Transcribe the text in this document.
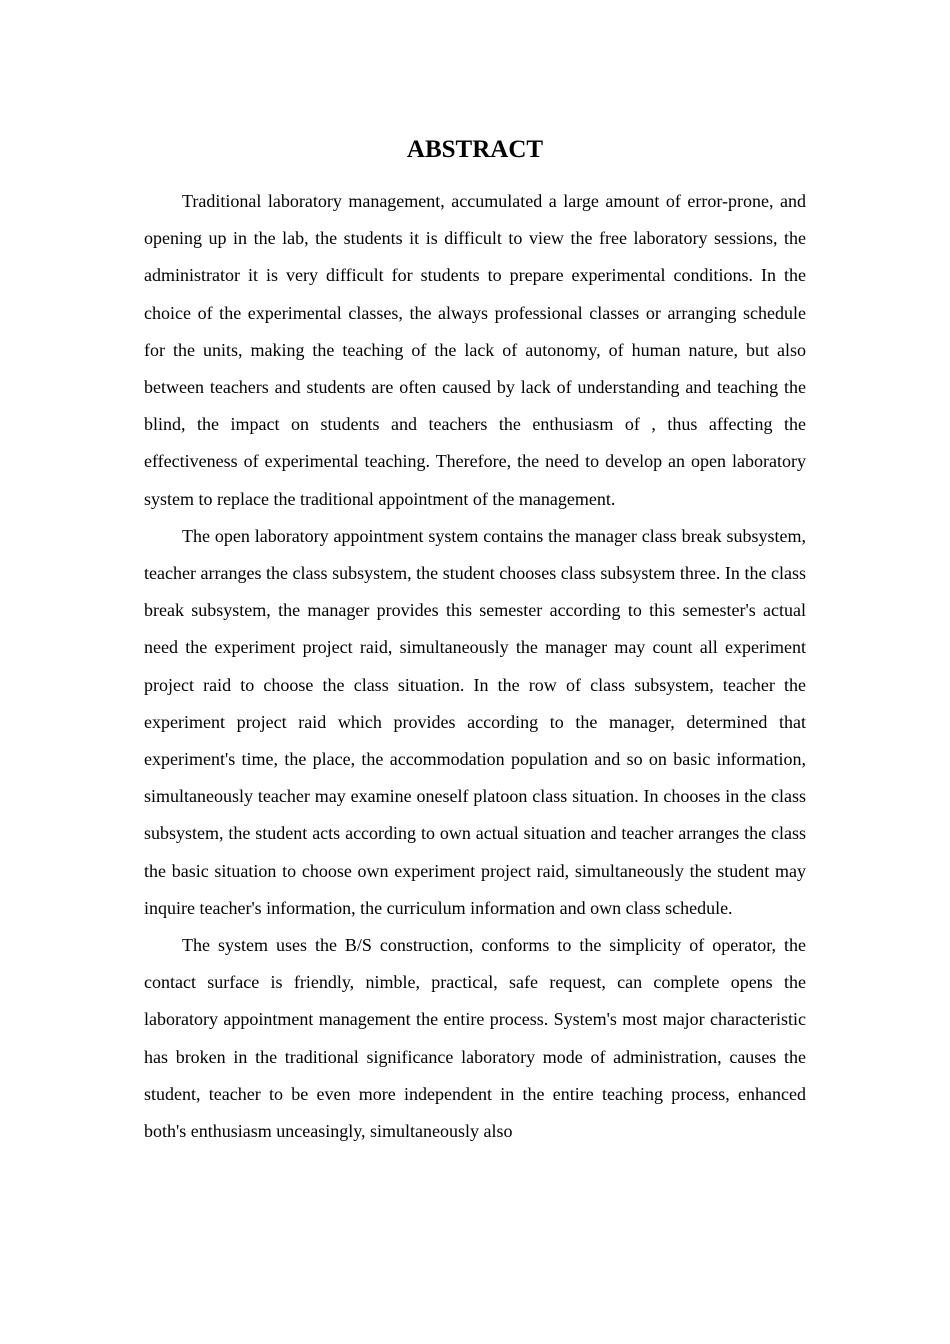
ABSTRACT

Traditional laboratory management, accumulated a large amount of error-prone, and opening up in the lab, the students it is difficult to view the free laboratory sessions, the administrator it is very difficult for students to prepare experimental conditions. In the choice of the experimental classes, the always professional classes or arranging schedule for the units, making the teaching of the lack of autonomy, of human nature, but also between teachers and students are often caused by lack of understanding and teaching the blind, the impact on students and teachers the enthusiasm of , thus affecting the effectiveness of experimental teaching. Therefore, the need to develop an open laboratory system to replace the traditional appointment of the management.

The open laboratory appointment system contains the manager class break subsystem, teacher arranges the class subsystem, the student chooses class subsystem three. In the class break subsystem, the manager provides this semester according to this semester's actual need the experiment project raid, simultaneously the manager may count all experiment project raid to choose the class situation. In the row of class subsystem, teacher the experiment project raid which provides according to the manager, determined that experiment's time, the place, the accommodation population and so on basic information, simultaneously teacher may examine oneself platoon class situation. In chooses in the class subsystem, the student acts according to own actual situation and teacher arranges the class the basic situation to choose own experiment project raid, simultaneously the student may inquire teacher's information, the curriculum information and own class schedule.

The system uses the B/S construction, conforms to the simplicity of operator, the contact surface is friendly, nimble, practical, safe request, can complete opens the laboratory appointment management the entire process. System's most major characteristic has broken in the traditional significance laboratory mode of administration, causes the student, teacher to be even more independent in the entire teaching process, enhanced both's enthusiasm unceasingly, simultaneously also
